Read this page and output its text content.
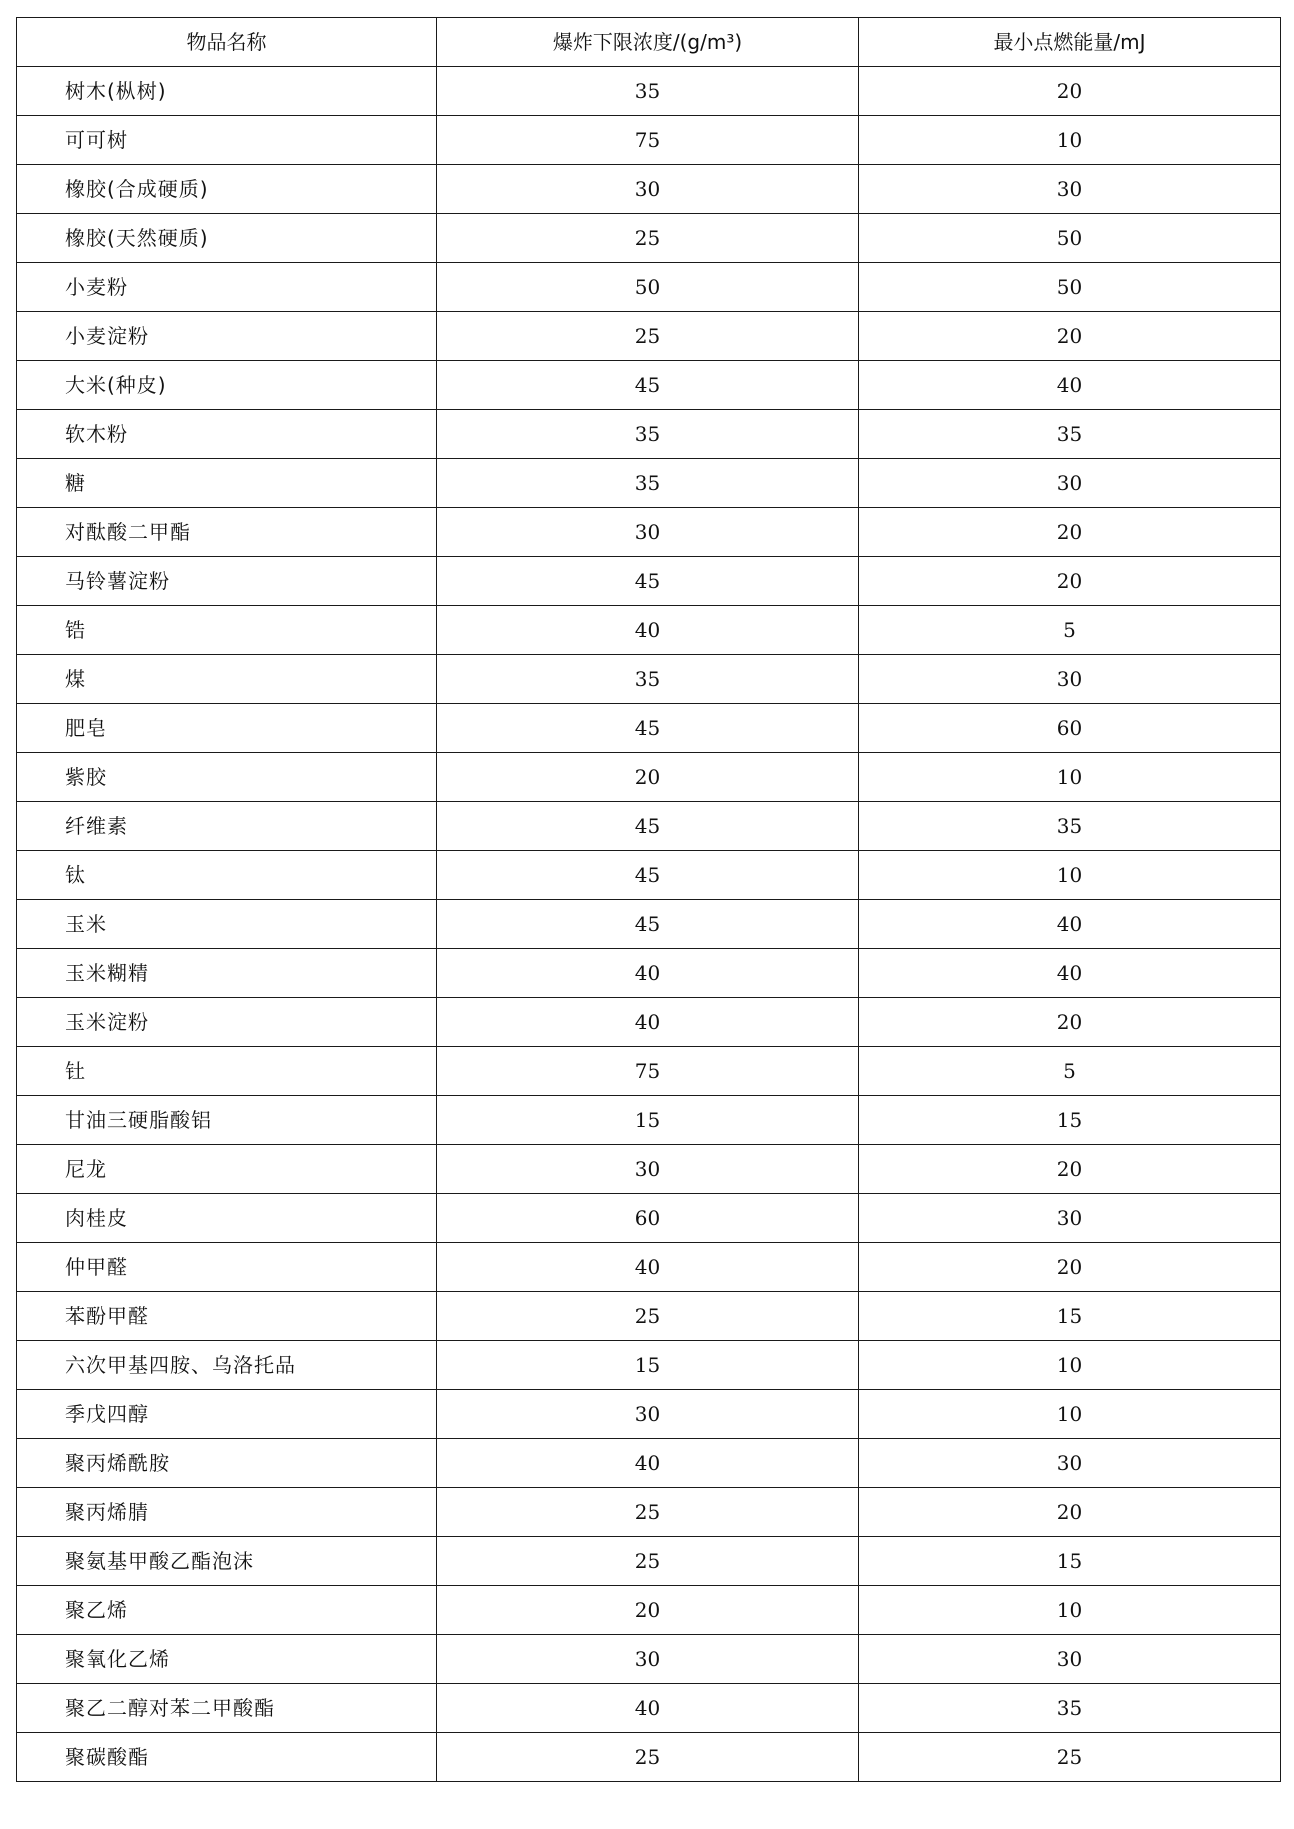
物品名称	爆炸下限浓度/(g/m³)	最小点燃能量/mJ
树木(枞树)	35	20
可可树	75	10
橡胶(合成硬质)	30	30
橡胶(天然硬质)	25	50
小麦粉	50	50
小麦淀粉	25	20
大米(种皮)	45	40
软木粉	35	35
糖	35	30
对酞酸二甲酯	30	20
马铃薯淀粉	45	20
锆	40	5
煤	35	30
肥皂	45	60
紫胶	20	10
纤维素	45	35
钛	45	10
玉米	45	40
玉米糊精	40	40
玉米淀粉	40	20
钍	75	5
甘油三硬脂酸铝	15	15
尼龙	30	20
肉桂皮	60	30
仲甲醛	40	20
苯酚甲醛	25	15
六次甲基四胺、乌洛托品	15	10
季戊四醇	30	10
聚丙烯酰胺	40	30
聚丙烯腈	25	20
聚氨基甲酸乙酯泡沫	25	15
聚乙烯	20	10
聚氧化乙烯	30	30
聚乙二醇对苯二甲酸酯	40	35
聚碳酸酯	25	25
